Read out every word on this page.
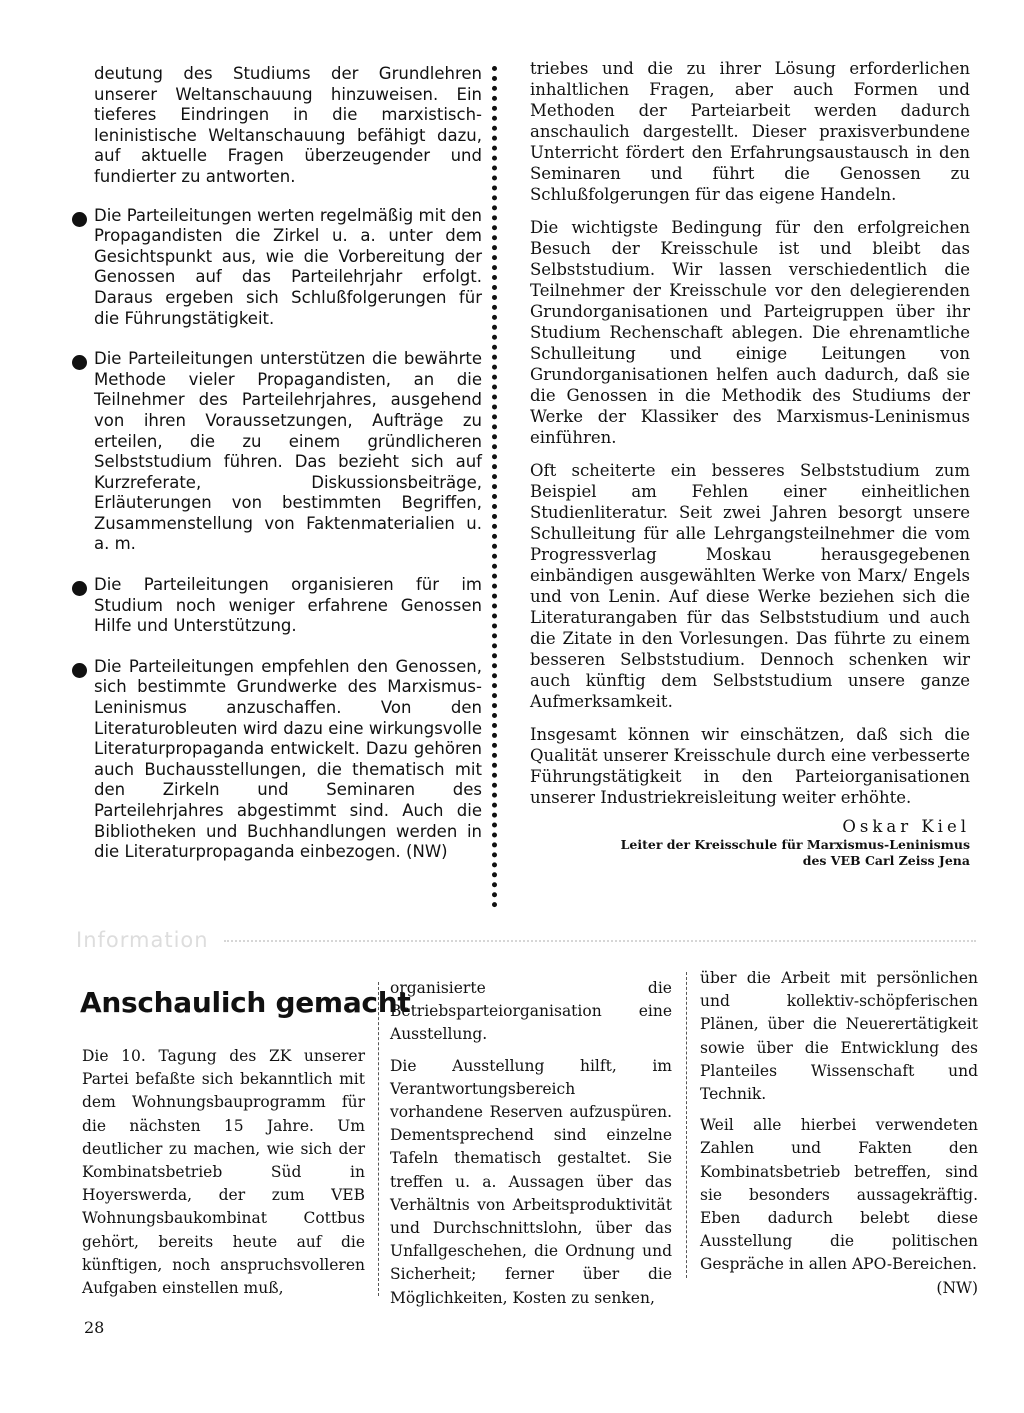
deutung des Studiums der Grundlehren unserer Weltanschauung hinzuweisen. Ein tieferes Eindringen in die marxistisch-leninistische Weltanschauung befähigt dazu, auf aktuelle Fragen überzeugender und fundierter zu antworten.

Die Parteileitungen werten regelmäßig mit den Propagandisten die Zirkel u. a. unter dem Gesichtspunkt aus, wie die Vorbereitung der Genossen auf das Parteilehrjahr erfolgt. Daraus ergeben sich Schlußfolgerungen für die Führungstätigkeit.

Die Parteileitungen unterstützen die bewährte Methode vieler Propagandisten, an die Teilnehmer des Parteilehrjahres, ausgehend von ihren Voraussetzungen, Aufträge zu erteilen, die zu einem gründlicheren Selbststudium führen. Das bezieht sich auf Kurzreferate, Diskussionsbeiträge, Erläuterungen von bestimmten Begriffen, Zusammenstellung von Faktenmaterialien u. a. m.

Die Parteileitungen organisieren für im Studium noch weniger erfahrene Genossen Hilfe und Unterstützung.

Die Parteileitungen empfehlen den Genossen, sich bestimmte Grundwerke des Marxismus-Leninismus anzuschaffen. Von den Literaturobleuten wird dazu eine wirkungsvolle Literaturpropaganda entwickelt. Dazu gehören auch Buchausstellungen, die thematisch mit den Zirkeln und Seminaren des Parteilehrjahres abgestimmt sind. Auch die Bibliotheken und Buchhandlungen werden in die Literaturpropaganda einbezogen. (NW)

triebes und die zu ihrer Lösung erforderlichen inhaltlichen Fragen, aber auch Formen und Methoden der Parteiarbeit werden dadurch anschaulich dargestellt. Dieser praxisverbundene Unterricht fördert den Erfahrungsaustausch in den Seminaren und führt die Genossen zu Schlußfolgerungen für das eigene Handeln.

Die wichtigste Bedingung für den erfolgreichen Besuch der Kreisschule ist und bleibt das Selbststudium. Wir lassen verschiedentlich die Teilnehmer der Kreisschule vor den delegierenden Grundorganisationen und Parteigruppen über ihr Studium Rechenschaft ablegen. Die ehrenamtliche Schulleitung und einige Leitungen von Grundorganisationen helfen auch dadurch, daß sie die Genossen in die Methodik des Studiums der Werke der Klassiker des Marxismus-Leninismus einführen.

Oft scheiterte ein besseres Selbststudium zum Beispiel am Fehlen einer einheitlichen Studienliteratur. Seit zwei Jahren besorgt unsere Schulleitung für alle Lehrgangsteilnehmer die vom Progressverlag Moskau herausgegebenen einbändigen ausgewählten Werke von Marx/ Engels und von Lenin. Auf diese Werke beziehen sich die Literaturangaben für das Selbststudium und auch die Zitate in den Vorlesungen. Das führte zu einem besseren Selbststudium. Dennoch schenken wir auch künftig dem Selbststudium unsere ganze Aufmerksamkeit.

Insgesamt können wir einschätzen, daß sich die Qualität unserer Kreisschule durch eine verbesserte Führungstätigkeit in den Parteiorganisationen unserer Industriekreisleitung weiter erhöhte.

Oskar Kiel
Leiter der Kreisschule für Marxismus-Leninismus
des VEB Carl Zeiss Jena
Information
Anschaulich gemacht

Die 10. Tagung des ZK unserer Partei befaßte sich bekanntlich mit dem Wohnungsbauprogramm für die nächsten 15 Jahre. Um deutlicher zu machen, wie sich der Kombinatsbetrieb Süd in Hoyerswerda, der zum VEB Wohnungsbaukombinat Cottbus gehört, bereits heute auf die künftigen, noch anspruchsvolleren Aufgaben einstellen muß,

organisierte die Betriebsparteiorganisation eine Ausstellung.

Die Ausstellung hilft, im Verantwortungsbereich vorhandene Reserven aufzuspüren. Dementsprechend sind einzelne Tafeln thematisch gestaltet. Sie treffen u. a. Aussagen über das Verhältnis von Arbeitsproduktivität und Durchschnittslohn, über das Unfallgeschehen, die Ordnung und Sicherheit; ferner über die Möglichkeiten, Kosten zu senken,

über die Arbeit mit persönlichen und kollektiv-schöpferischen Plänen, über die Neuerertätigkeit sowie über die Entwicklung des Planteiles Wissenschaft und Technik.

Weil alle hierbei verwendeten Zahlen und Fakten den Kombinatsbetrieb betreffen, sind sie besonders aussagekräftig. Eben dadurch belebt diese Ausstellung die politischen Gespräche in allen APO-Bereichen.

(NW)
28
